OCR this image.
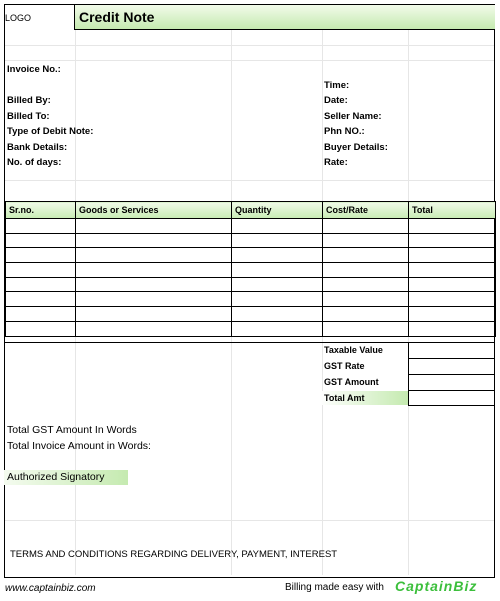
LOGO	Credit Note
Invoice No.:
Billed By:
Billed To:
Type of Debit Note:
Bank Details:
No. of days:
Time:
Date:
Seller Name:
Phn NO.:
Buyer Details:
Rate:
Sr.no.	Goods or Services	Quantity	Cost/Rate	Total

Taxable Value
GST Rate
GST Amount
Total Amt
Total GST Amount In Words
Total Invoice Amount in Words:
Authorized Signatory
TERMS AND CONDITIONS REGARDING DELIVERY, PAYMENT, INTEREST
www.captainbiz.com	Billing made easy with CaptainBiz
